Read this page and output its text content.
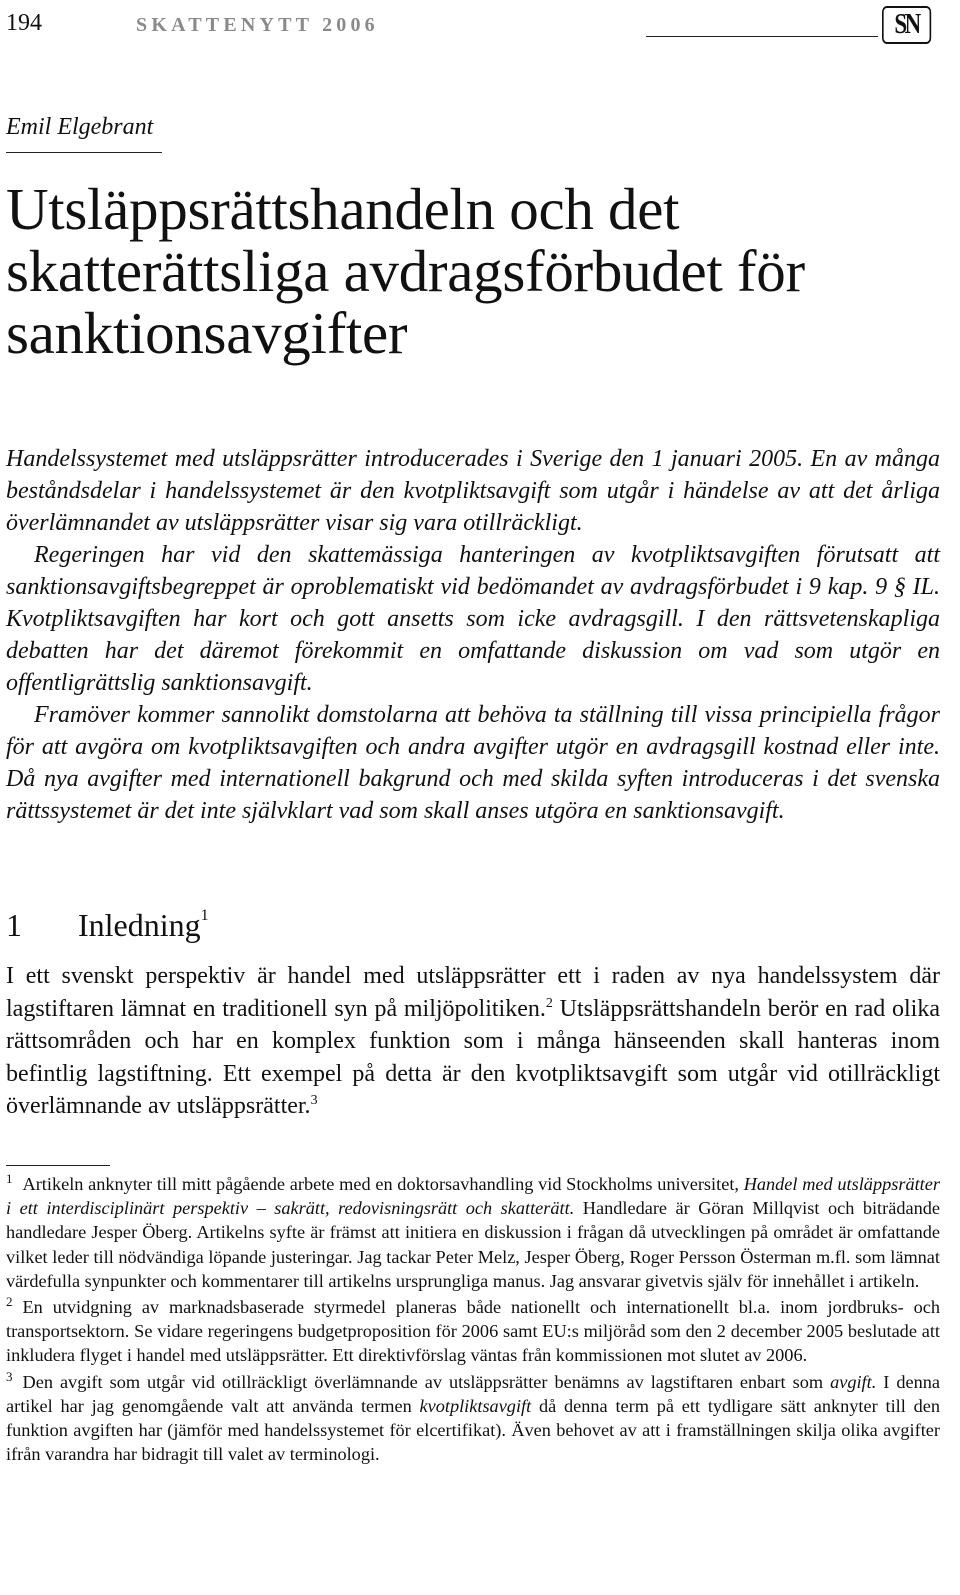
194	SKATTENYTT 2006	SN
Emil Elgebrant
Utsläppsrättshandeln och det skatterättsliga avdragsförbudet för sanktionsavgifter

Handelssystemet med utsläppsrätter introducerades i Sverige den 1 januari 2005. En av många beståndsdelar i handelssystemet är den kvotpliktsavgift som utgår i händelse av att det årliga överlämnandet av utsläppsrätter visar sig vara otillräckligt.

Regeringen har vid den skattemässiga hanteringen av kvotpliktsavgiften förutsatt att sanktionsavgiftsbegreppet är oproblematiskt vid bedömandet av avdragsförbudet i 9 kap. 9 § IL. Kvotpliktsavgiften har kort och gott ansetts som icke avdragsgill. I den rättsvetenskapliga debatten har det däremot förekommit en omfattande diskussion om vad som utgör en offentligrättslig sanktionsavgift.

Framöver kommer sannolikt domstolarna att behöva ta ställning till vissa principiella frågor för att avgöra om kvotpliktsavgiften och andra avgifter utgör en avdragsgill kostnad eller inte. Då nya avgifter med internationell bakgrund och med skilda syften introduceras i det svenska rättssystemet är det inte självklart vad som skall anses utgöra en sanktionsavgift.

1 Inledning$^1$

I ett svenskt perspektiv är handel med utsläppsrätter ett i raden av nya handelssystem där lagstiftaren lämnat en traditionell syn på miljöpolitiken.$^2$ Utsläppsrättshandeln berör en rad olika rättsområden och har en komplex funktion som i många hänseenden skall hanteras inom befintlig lagstiftning. Ett exempel på detta är den kvotpliktsavgift som utgår vid otillräckligt överlämnande av utsläppsrätter.$^3$

$^1$ Artikeln anknyter till mitt pågående arbete med en doktorsavhandling vid Stockholms universitet, Handel med utsläppsrätter i ett interdisciplinärt perspektiv – sakrätt, redovisningsrätt och skatterätt. Handledare är Göran Millqvist och biträdande handledare Jesper Öberg. Artikelns syfte är främst att initiera en diskussion i frågan då utvecklingen på området är omfattande vilket leder till nödvändiga löpande justeringar. Jag tackar Peter Melz, Jesper Öberg, Roger Persson Österman m.fl. som lämnat värdefulla synpunkter och kommentarer till artikelns ursprungliga manus. Jag ansvarar givetvis själv för innehållet i artikeln.

$^2$ En utvidgning av marknadsbaserade styrmedel planeras både nationellt och internationellt bl.a. inom jordbruks- och transportsektorn. Se vidare regeringens budgetproposition för 2006 samt EU:s miljöråd som den 2 december 2005 beslutade att inkludera flyget i handel med utsläppsrätter. Ett direktivförslag väntas från kommissionen mot slutet av 2006.

$^3$ Den avgift som utgår vid otillräckligt överlämnande av utsläppsrätter benämns av lagstiftaren enbart som avgift. I denna artikel har jag genomgående valt att använda termen kvotpliktsavgift då denna term på ett tydligare sätt anknyter till den funktion avgiften har (jämför med handelssystemet för elcertifikat). Även behovet av att i framställningen skilja olika avgifter ifrån varandra har bidragit till valet av terminologi.
